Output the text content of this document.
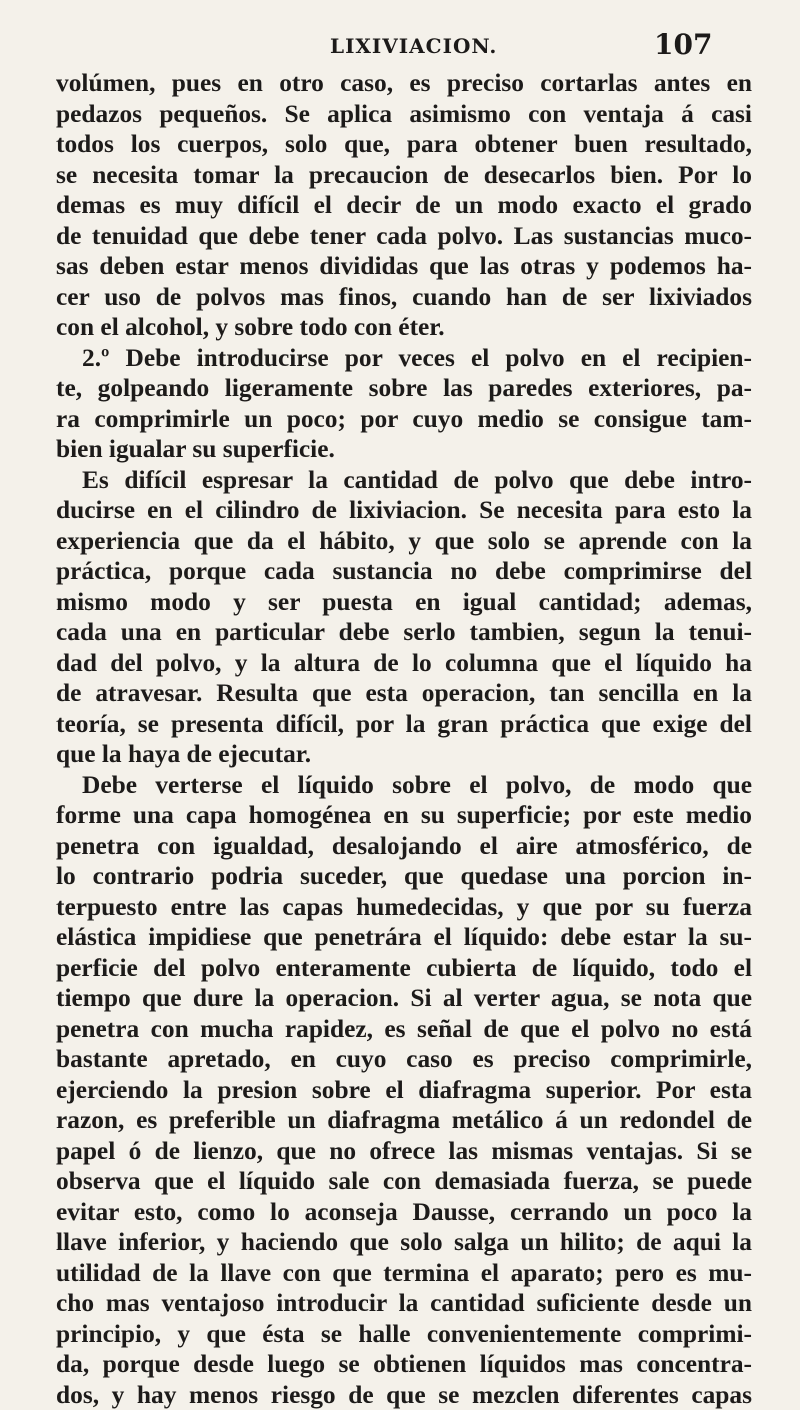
LIXIVIACION.	107
volúmen, pues en otro caso, es preciso cortarlas antes en
pedazos pequeños. Se aplica asimismo con ventaja á casi
todos los cuerpos, solo que, para obtener buen resultado,
se necesita tomar la precaucion de desecarlos bien. Por lo
demas es muy difícil el decir de un modo exacto el grado
de tenuidad que debe tener cada polvo. Las sustancias muco-
sas deben estar menos divididas que las otras y podemos ha-
cer uso de polvos mas finos, cuando han de ser lixiviados
con el alcohol, y sobre todo con éter.
2.º Debe introducirse por veces el polvo en el recipien-
te, golpeando ligeramente sobre las paredes exteriores, pa-
ra comprimirle un poco; por cuyo medio se consigue tam-
bien igualar su superficie.
Es difícil espresar la cantidad de polvo que debe intro-
ducirse en el cilindro de lixiviacion. Se necesita para esto la
experiencia que da el hábito, y que solo se aprende con la
práctica, porque cada sustancia no debe comprimirse del
mismo modo y ser puesta en igual cantidad; ademas,
cada una en particular debe serlo tambien, segun la tenui-
dad del polvo, y la altura de lo columna que el líquido ha
de atravesar. Resulta que esta operacion, tan sencilla en la
teoría, se presenta difícil, por la gran práctica que exige del
que la haya de ejecutar.
Debe verterse el líquido sobre el polvo, de modo que
forme una capa homogénea en su superficie; por este medio
penetra con igualdad, desalojando el aire atmosférico, de
lo contrario podria suceder, que quedase una porcion in-
terpuesto entre las capas humedecidas, y que por su fuerza
elástica impidiese que penetrára el líquido: debe estar la su-
perficie del polvo enteramente cubierta de líquido, todo el
tiempo que dure la operacion. Si al verter agua, se nota que
penetra con mucha rapidez, es señal de que el polvo no está
bastante apretado, en cuyo caso es preciso comprimirle,
ejerciendo la presion sobre el diafragma superior. Por esta
razon, es preferible un diafragma metálico á un redondel de
papel ó de lienzo, que no ofrece las mismas ventajas. Si se
observa que el líquido sale con demasiada fuerza, se puede
evitar esto, como lo aconseja Dausse, cerrando un poco la
llave inferior, y haciendo que solo salga un hilito; de aqui la
utilidad de la llave con que termina el aparato; pero es mu-
cho mas ventajoso introducir la cantidad suficiente desde un
principio, y que ésta se halle convenientemente comprimi-
da, porque desde luego se obtienen líquidos mas concentra-
dos, y hay menos riesgo de que se mezclen diferentes capas
